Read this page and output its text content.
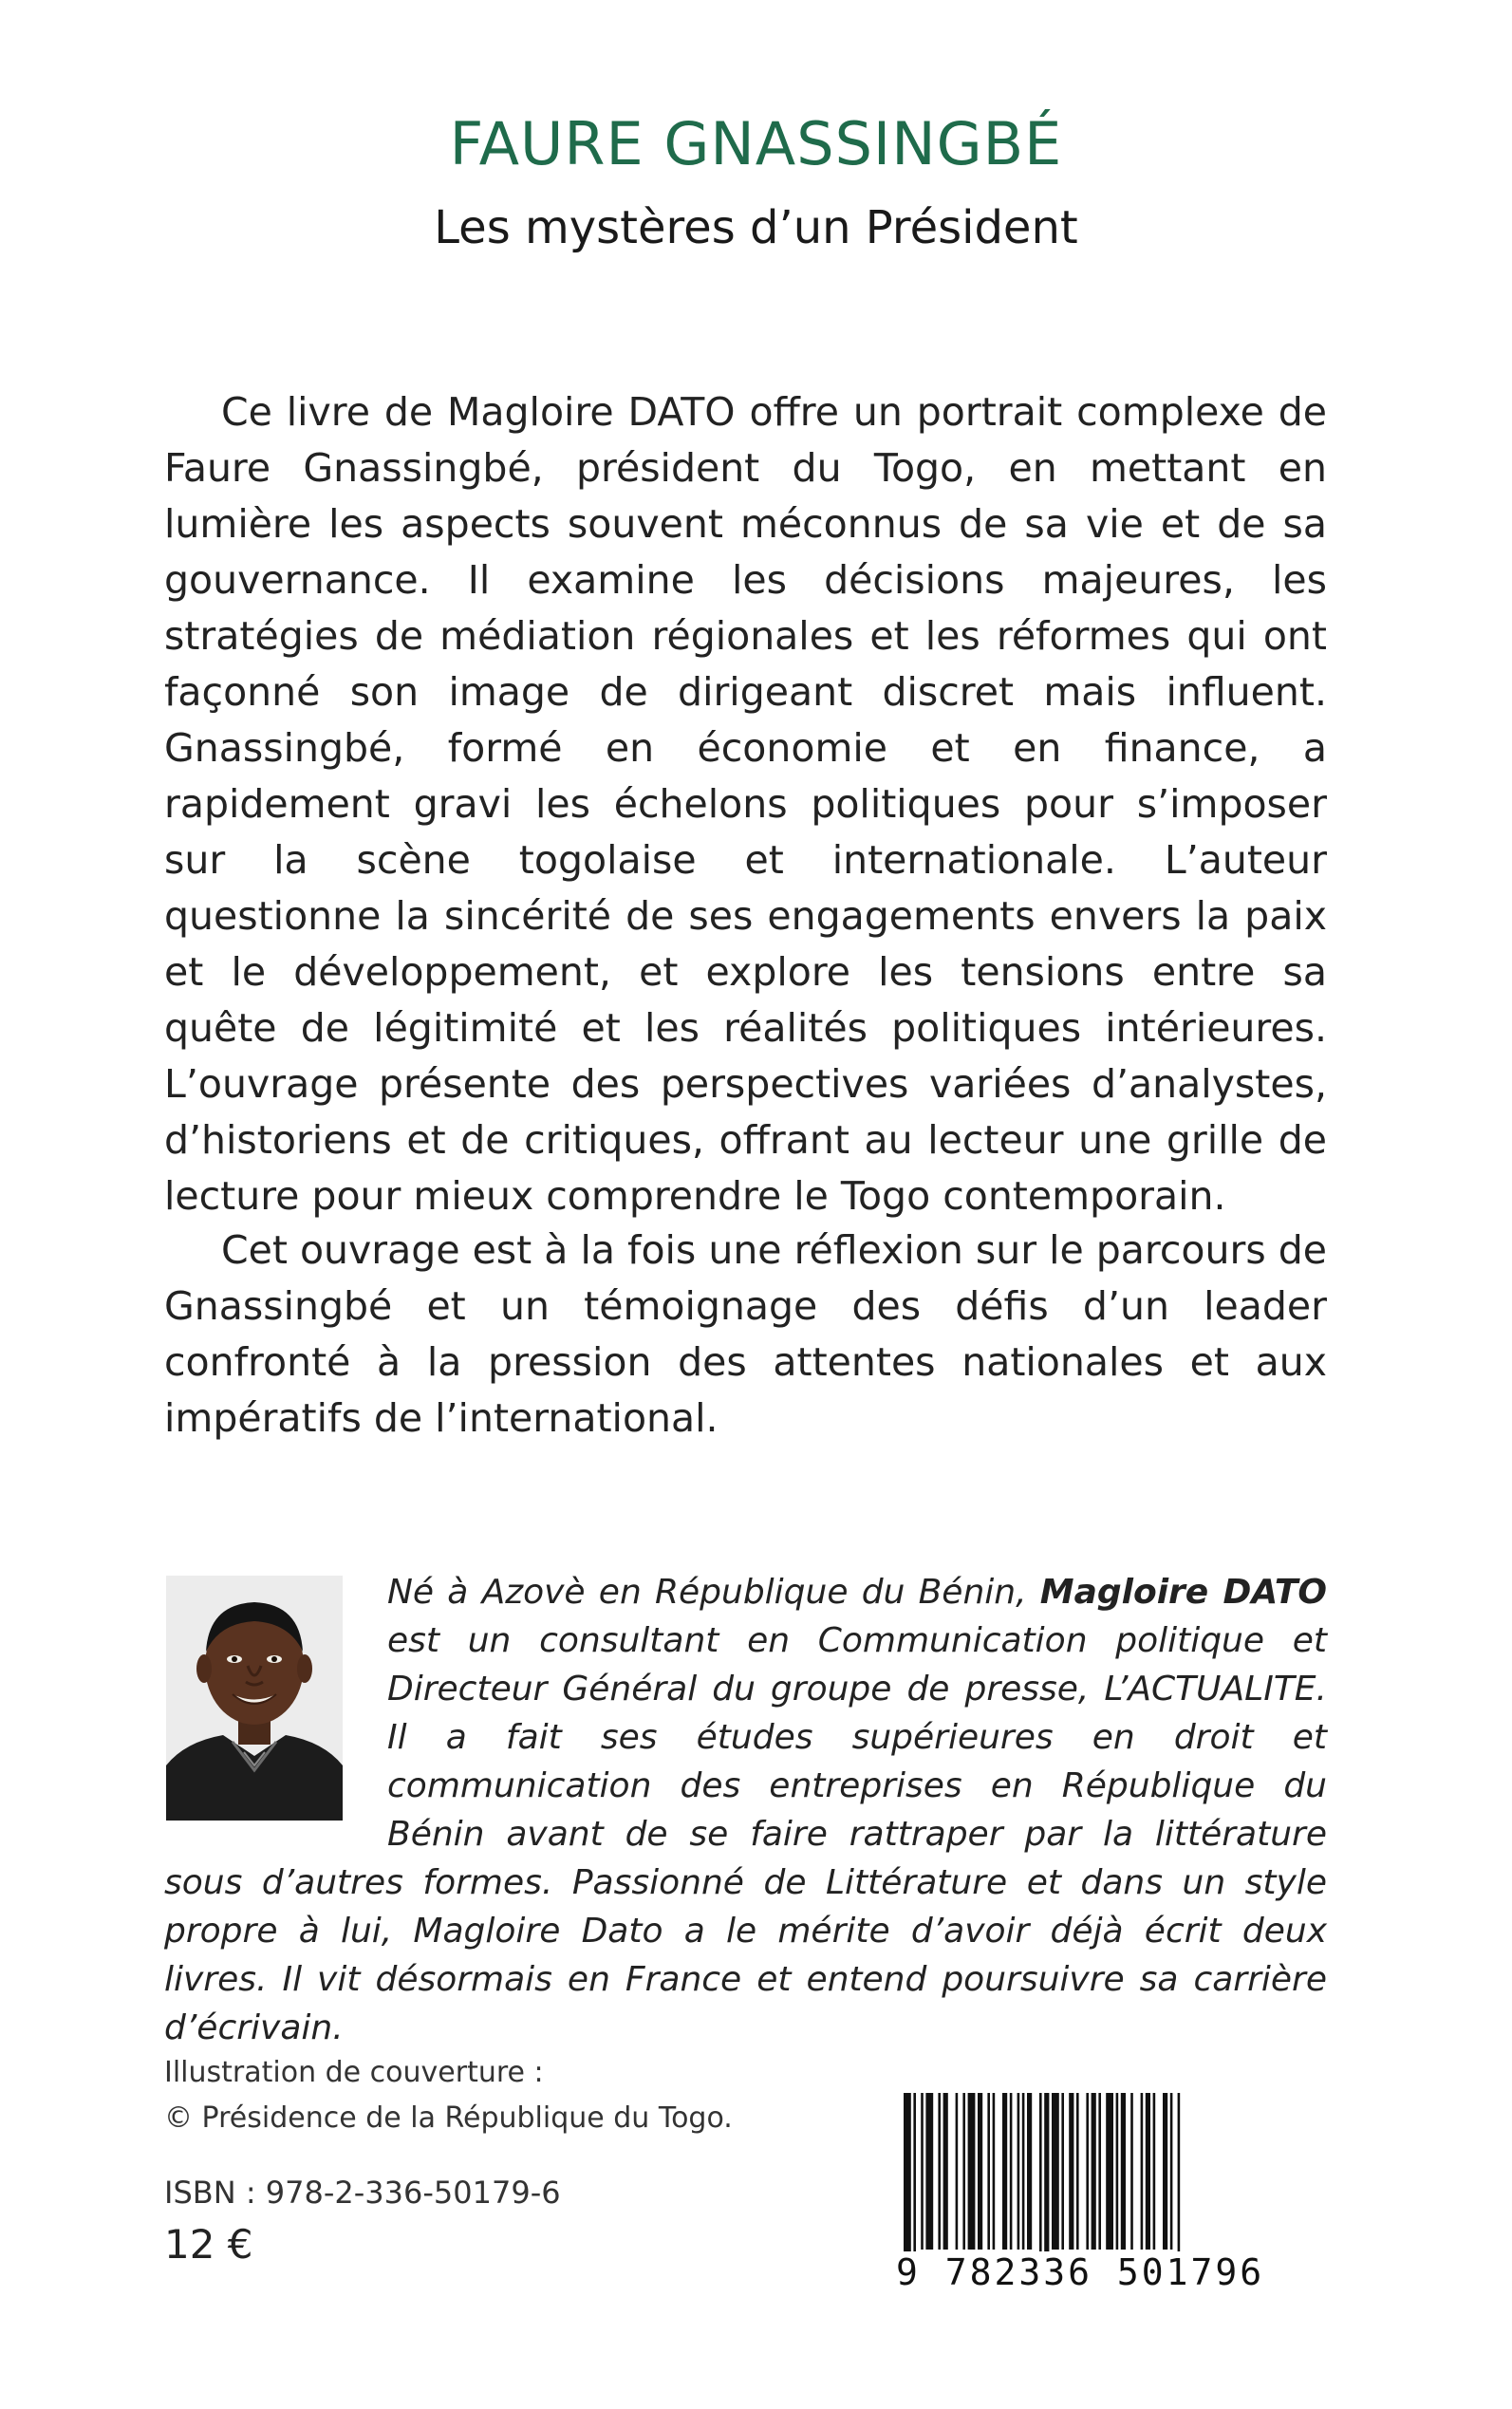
FAURE GNASSINGBÉ
Les mystères d’un Président

Ce livre de Magloire DATO offre un portrait complexe de Faure Gnassingbé, président du Togo, en mettant en lumière les aspects souvent méconnus de sa vie et de sa gouvernance. Il examine les décisions majeures, les stratégies de médiation régionales et les réformes qui ont façonné son image de dirigeant discret mais influent. Gnassingbé, formé en économie et en finance, a rapidement gravi les échelons politiques pour s’imposer sur la scène togolaise et internationale. L’auteur questionne la sincérité de ses engagements envers la paix et le développement, et explore les tensions entre sa quête de légitimité et les réalités politiques intérieures. L’ouvrage présente des perspectives variées d’analystes, d’historiens et de critiques, offrant au lecteur une grille de lecture pour mieux comprendre le Togo contemporain.

Cet ouvrage est à la fois une réflexion sur le parcours de Gnassingbé et un témoignage des défis d’un leader confronté à la pression des attentes nationales et aux impératifs de l’international.

Né à Azovè en République du Bénin, Magloire DATO est un consultant en Communication politique et Directeur Général du groupe de presse, L’ACTUALITE. Il a fait ses études supérieures en droit et communication des entreprises en République du Bénin avant de se faire rattraper par la littérature sous d’autres formes. Passionné de Littérature et dans un style propre à lui, Magloire Dato a le mérite d’avoir déjà écrit deux livres. Il vit désormais en France et entend poursuivre sa carrière d’écrivain.
Illustration de couverture :
© Présidence de la République du Togo.
ISBN : 978-2-336-50179-6
12 €
9 782336 501796
